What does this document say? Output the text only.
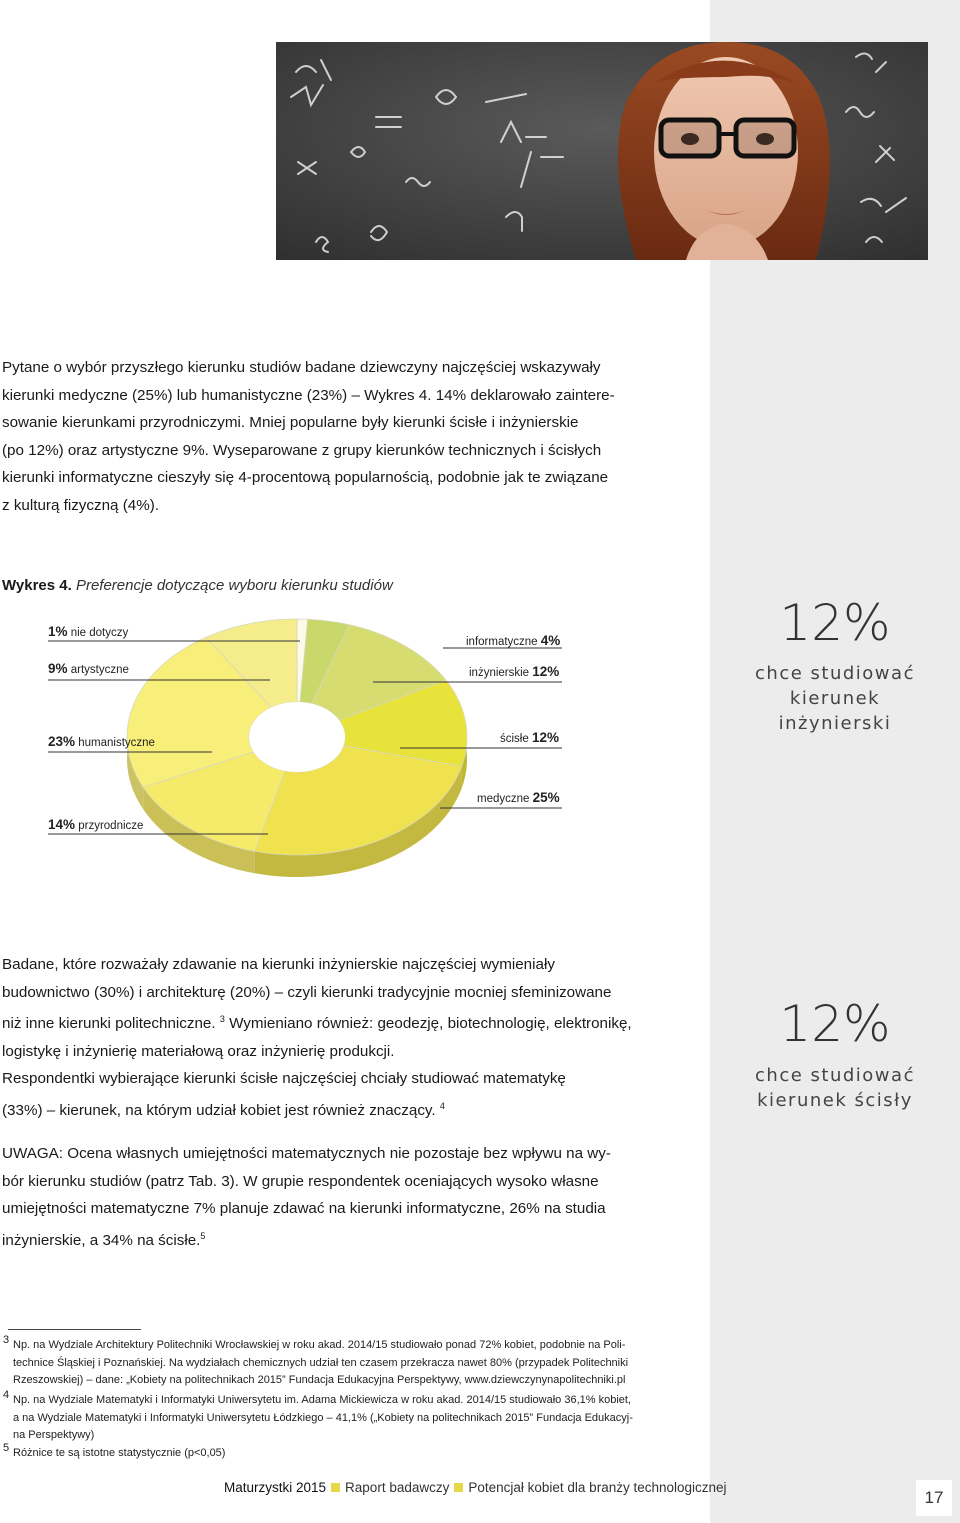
Pytane o wybór przyszłego kierunku studiów badane dziewczyny najczęściej wskazywały
kierunki medyczne (25%) lub humanistyczne (23%) – Wykres 4. 14% deklarowało zaintere-
sowanie kierunkami przyrodniczymi. Mniej popularne były kierunki ścisłe i inżynierskie
(po 12%) oraz artystyczne 9%. Wyseparowane z grupy kierunków technicznych i ścisłych
kierunki informatyczne cieszyły się 4-procentową popularnością, podobnie jak te związane
z kulturą fizyczną (4%).
Wykres 4. Preferencje dotyczące wyboru kierunku studiów
1% nie dotyczy
9% artystyczne
23% humanistyczne
14% przyrodnicze
informatyczne 4%
inżynierskie 12%
ścisłe 12%
medyczne 25%
12%
chce studiować
kierunek
inżynierski
12%
chce studiować
kierunek ścisły
Badane, które rozważały zdawanie na kierunki inżynierskie najczęściej wymieniały
budownictwo (30%) i architekturę (20%) – czyli kierunki tradycyjnie mocniej sfeminizowane
niż inne kierunki politechniczne. $^3$ Wymieniano również: geodezję, biotechnologię, elektronikę,
logistykę i inżynierię materiałową oraz inżynierię produkcji.
Respondentki wybierające kierunki ścisłe najczęściej chciały studiować matematykę
(33%) – kierunek, na którym udział kobiet jest również znaczący. $^4$
UWAGA: Ocena własnych umiejętności matematycznych nie pozostaje bez wpływu na wy-
bór kierunku studiów (patrz Tab. 3). W grupie respondentek oceniających wysoko własne
umiejętności matematyczne 7% planuje zdawać na kierunki informatyczne, 26% na studia
inżynierskie, a 34% na ścisłe.$^5$
3 Np. na Wydziale Architektury Politechniki Wrocławskiej w roku akad. 2014/15 studiowało ponad 72% kobiet, podobnie na Poli-
technice Śląskiej i Poznańskiej. Na wydziałach chemicznych udział ten czasem przekracza nawet 80% (przypadek Politechniki
Rzeszowskiej) – dane: „Kobiety na politechnikach 2015” Fundacja Edukacyjna Perspektywy, www.dziewczynynapolitechniki.pl
4 Np. na Wydziale Matematyki i Informatyki Uniwersytetu im. Adama Mickiewicza w roku akad. 2014/15 studiowało 36,1% kobiet,
a na Wydziale Matematyki i Informatyki Uniwersytetu Łódzkiego – 41,1% („Kobiety na politechnikach 2015” Fundacja Edukacyj-
na Perspektywy)
5 Różnice te są istotne statystycznie (p<0,05)
Maturzystki 2015 Raport badawczy Potencjał kobiet dla branży technologicznej
17
